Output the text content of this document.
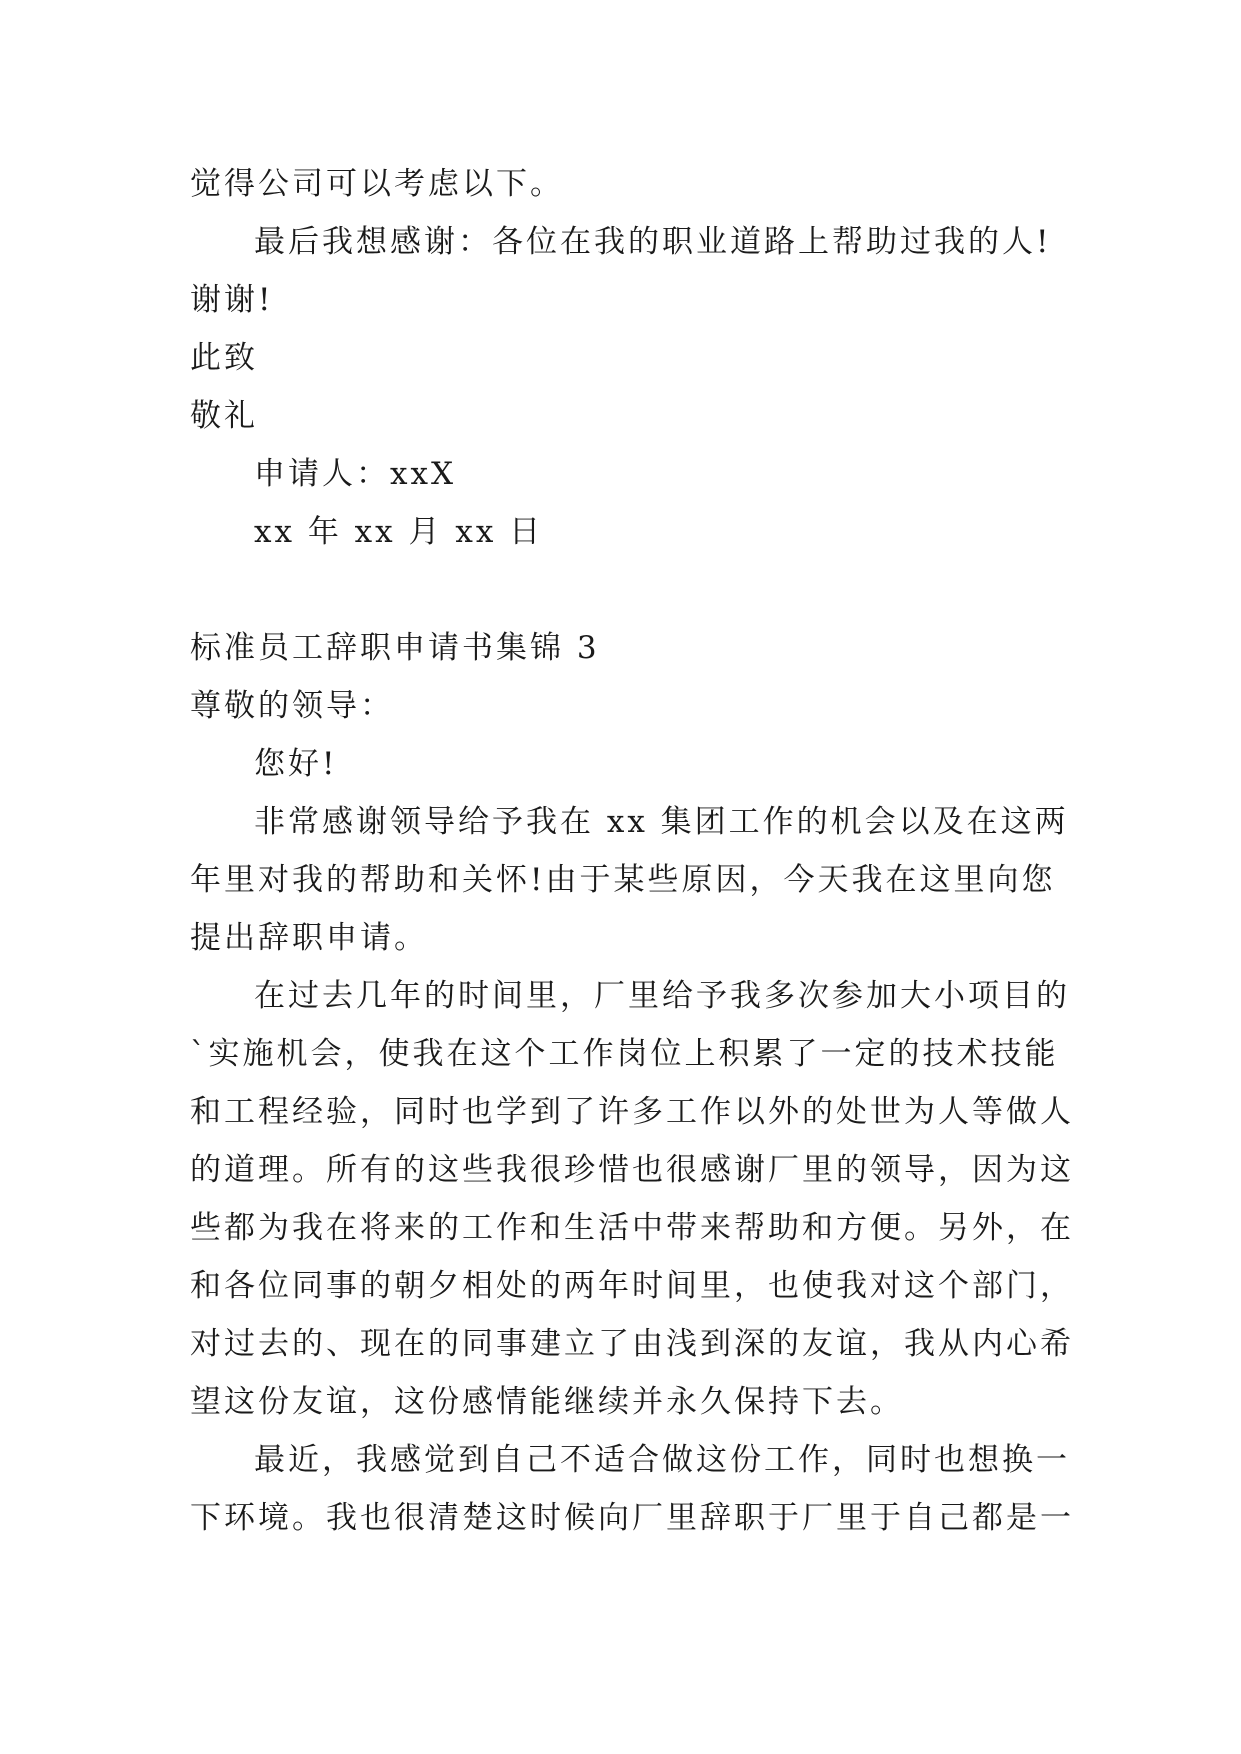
觉得公司可以考虑以下。
最后我想感谢：各位在我的职业道路上帮助过我的人!
谢谢!
此致
敬礼
申请人：xxX
xx 年 xx 月 xx 日
标准员工辞职申请书集锦 3
尊敬的领导：
您好!
非常感谢领导给予我在 xx 集团工作的机会以及在这两
年里对我的帮助和关怀!由于某些原因，今天我在这里向您
提出辞职申请。
在过去几年的时间里，厂里给予我多次参加大小项目的
`实施机会，使我在这个工作岗位上积累了一定的技术技能
和工程经验，同时也学到了许多工作以外的处世为人等做人
的道理。所有的这些我很珍惜也很感谢厂里的领导，因为这
些都为我在将来的工作和生活中带来帮助和方便。另外，在
和各位同事的朝夕相处的两年时间里，也使我对这个部门，
对过去的、现在的同事建立了由浅到深的友谊，我从内心希
望这份友谊，这份感情能继续并永久保持下去。
最近，我感觉到自己不适合做这份工作，同时也想换一
下环境。我也很清楚这时候向厂里辞职于厂里于自己都是一
